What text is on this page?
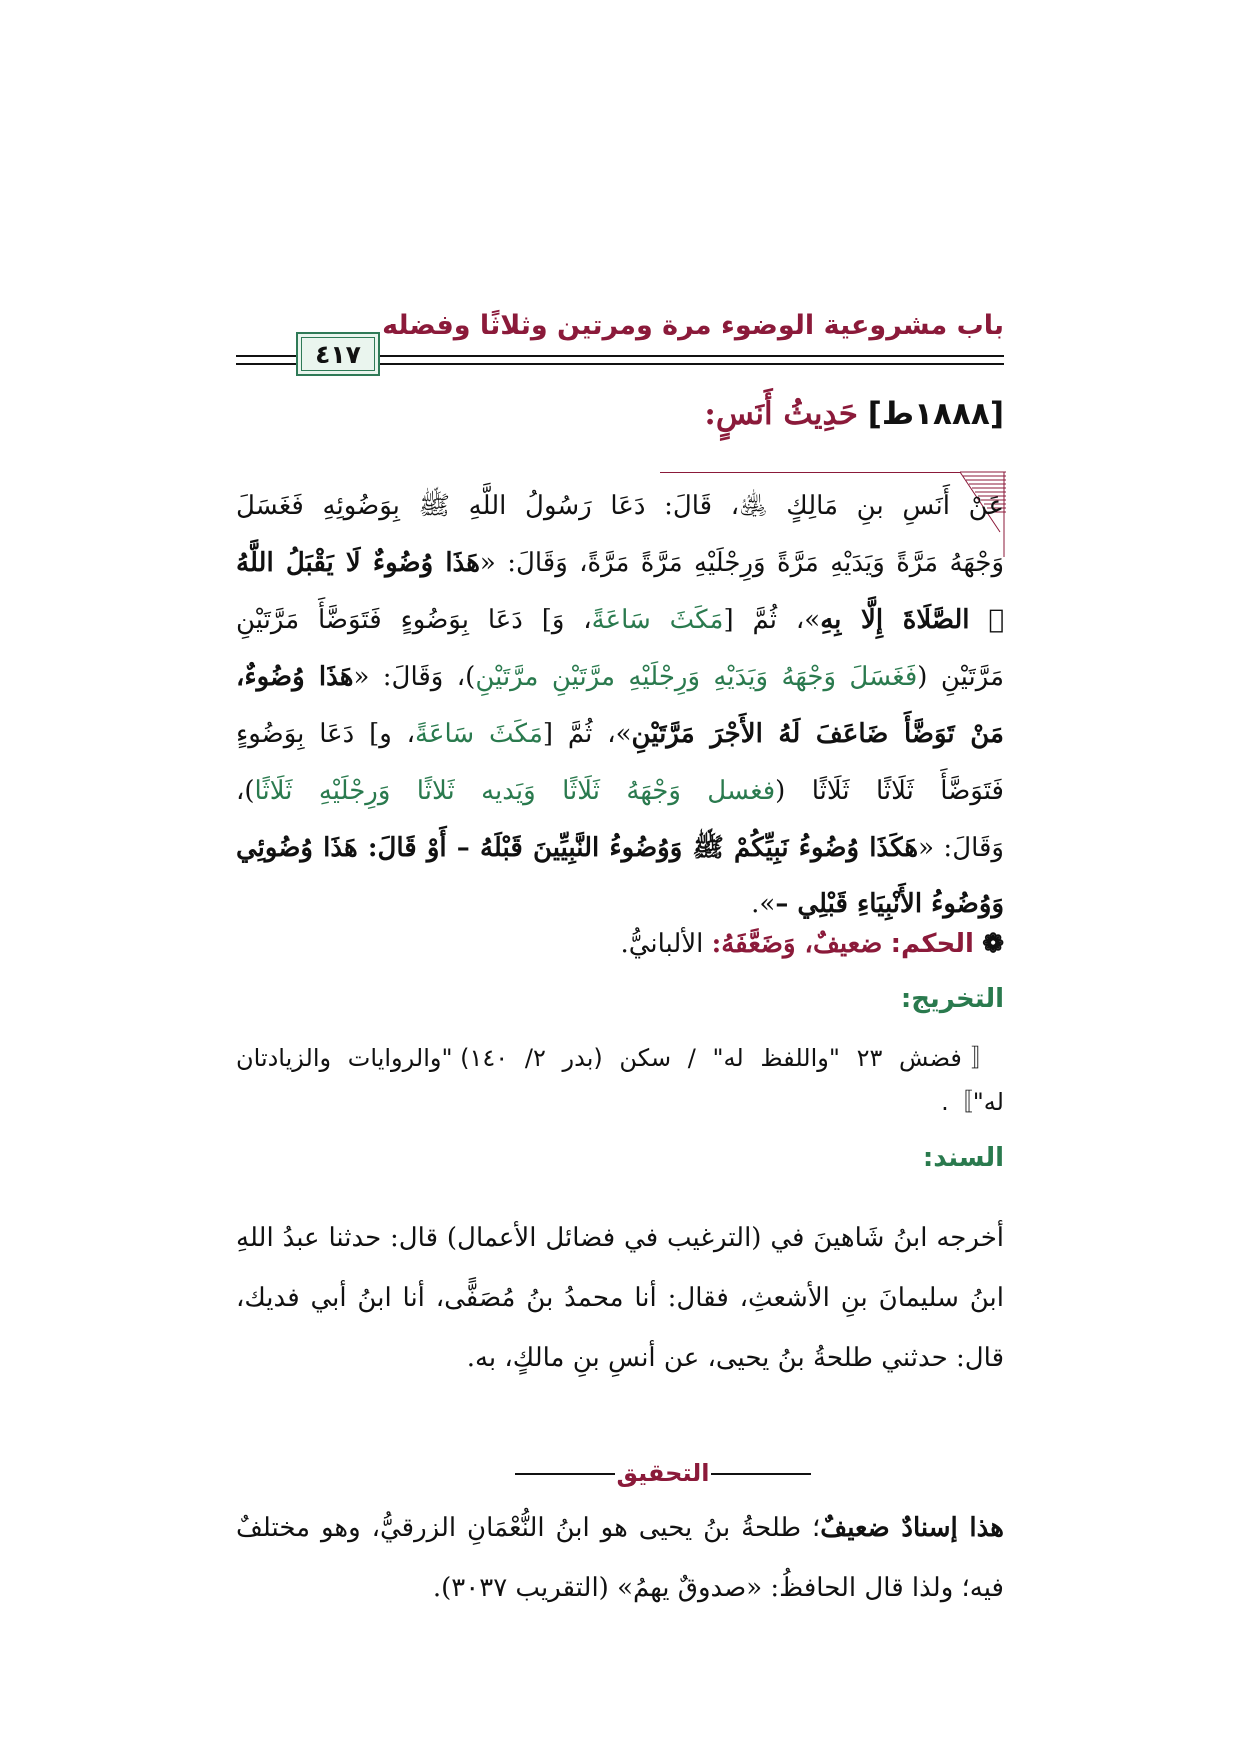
باب مشروعية الوضوء مرة ومرتين وثلاثًا وفضله
٤١٧
[١٨٨٨ط] حَدِيثُ أَنَسٍ:
عَنْ أَنَسِ بنِ مَالِكٍ ﵁، قَالَ: دَعَا رَسُولُ اللَّهِ ﷺ بِوَضُوئِهِ فَغَسَلَ
وَجْهَهُ مَرَّةً وَيَدَيْهِ مَرَّةً وَرِجْلَيْهِ مَرَّةً مَرَّةً، وَقَالَ: «هَذَا وُضُوءٌ لَا يَقْبَلُ اللَّهُ
﷯ الصَّلَاةَ إِلَّا بِهِ»، ثُمَّ [مَكَثَ سَاعَةً، وَ] دَعَا بِوَضُوءٍ فَتَوَضَّأَ مَرَّتَيْنِ
مَرَّتَيْنِ (فَغَسَلَ وَجْهَهُ وَيَدَيْهِ وَرِجْلَيْهِ مرَّتَيْنِ مرَّتَيْنِ)، وَقَالَ: «هَذَا وُضُوءٌ،
مَنْ تَوَضَّأَ ضَاعَفَ لَهُ الأَجْرَ مَرَّتَيْنِ»، ثُمَّ [مَكَثَ سَاعَةً، و] دَعَا بِوَضُوءٍ
فَتَوَضَّأَ ثَلَاثًا ثَلَاثًا (فغسل وَجْهَهُ ثَلَاثًا وَيَديه ثَلاثًا وَرِجْلَيْهِ ثَلَاثًا)،
وَقَالَ: «هَكَذَا وُضُوءُ نَبِيِّكُمْ ﷺ وَوُضُوءُ النَّبِيِّينَ قَبْلَهُ – أَوْ قَالَ: هَذَا وُضُوئِي
وَوُضُوءُ الأَنْبِيَاءِ قَبْلِي –».
❁ الحكم: ضعيفٌ، وَضَعَّفَهُ: الألبانيُّ.
التخريج:
〚فضش ٢٣ "واللفظ له" / سكن (بدر ٢/ ١٤٠) "والروايات والزيادتان
له"〛.
السند:
أخرجه ابنُ شَاهينَ في (الترغيب في فضائل الأعمال) قال: حدثنا عبدُ اللهِ
ابنُ سليمانَ بنِ الأشعثِ، فقال: أنا محمدُ بنُ مُصَفًّى، أنا ابنُ أبي فديك،
قال: حدثني طلحةُ بنُ يحيى، عن أنسِ بنِ مالكٍ، به.
التحقيق
هذا إسنادٌ ضعيفٌ؛ طلحةُ بنُ يحيى هو ابنُ النُّعْمَانِ الزرقيُّ، وهو مختلفٌ
فيه؛ ولذا قال الحافظُ: «صدوقٌ يهمُ» (التقريب ٣٠٣٧).
